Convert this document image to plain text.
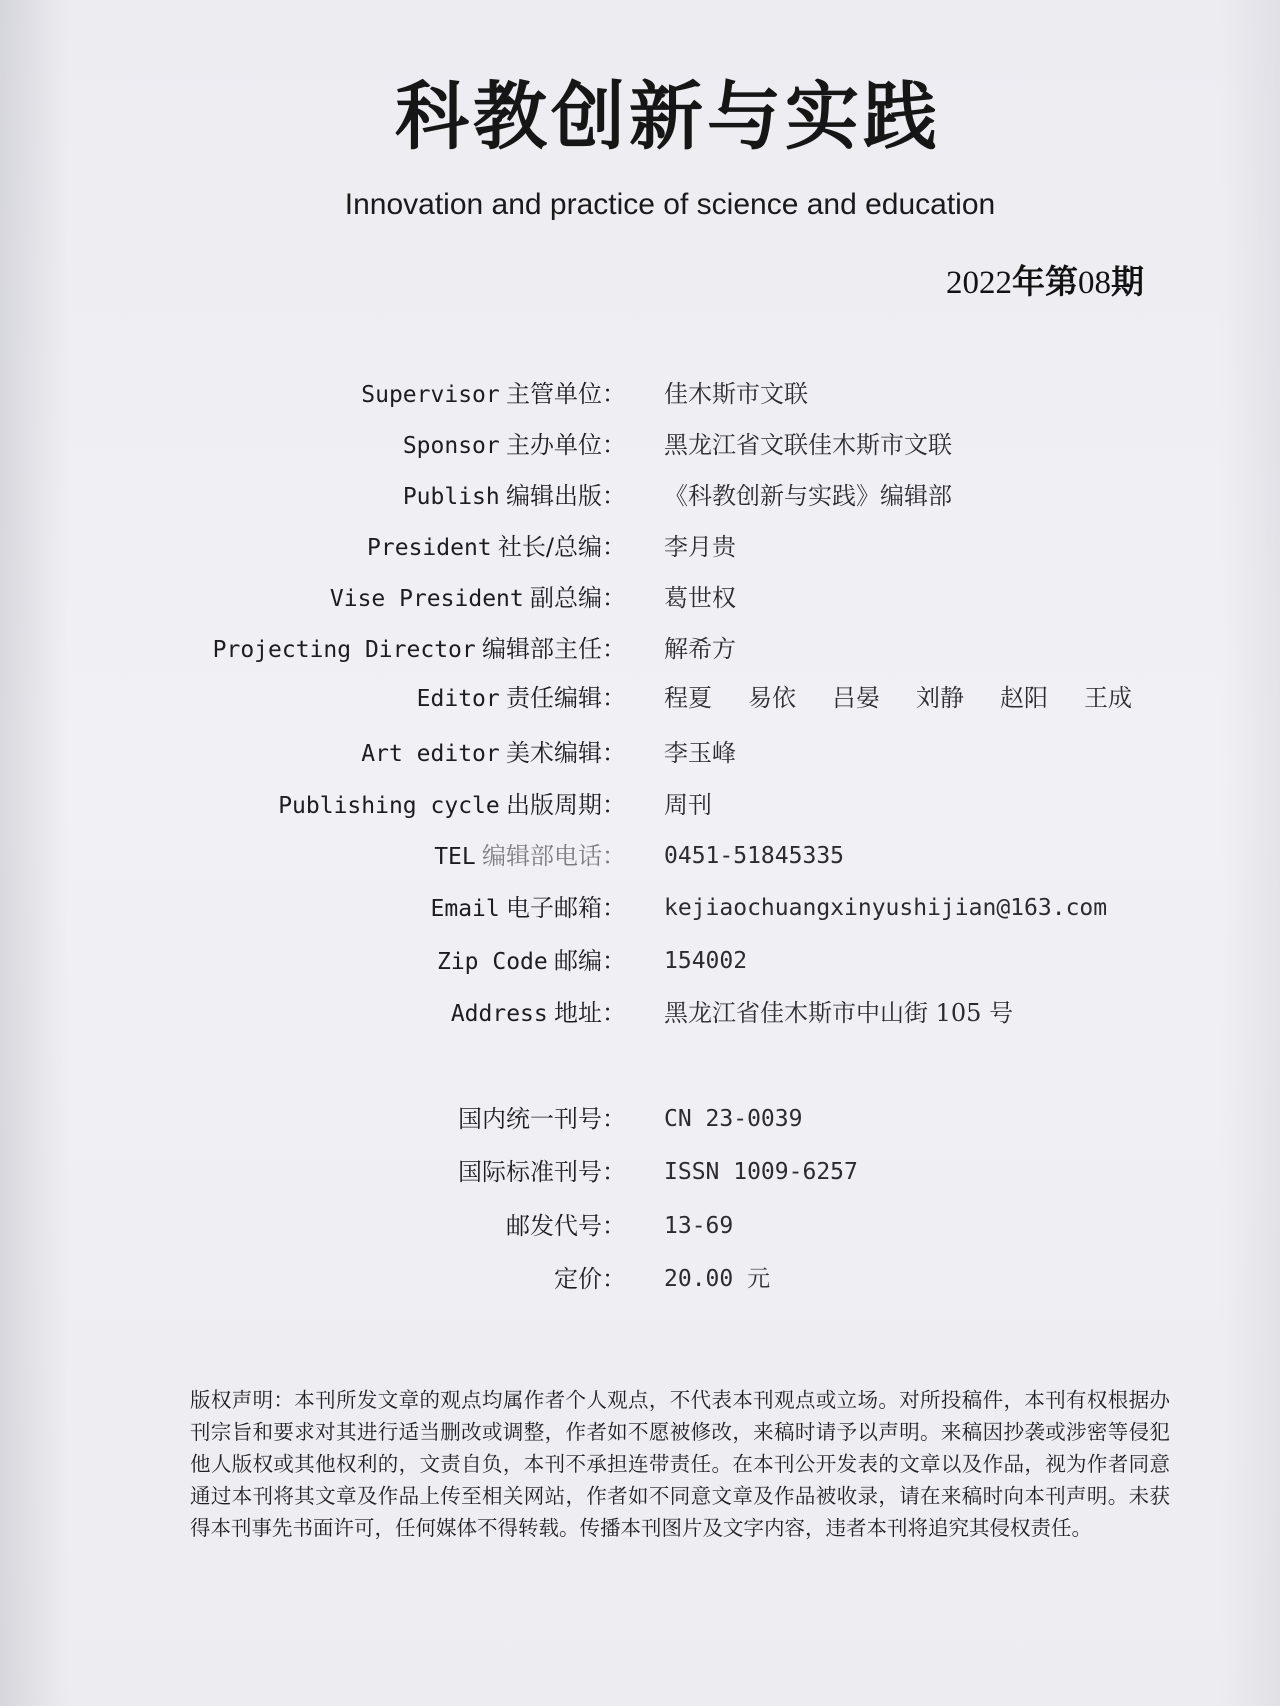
科教创新与实践
Innovation and practice of science and education
2022年第08期
Supervisor 主管单位： 佳木斯市文联
Sponsor 主办单位： 黑龙江省文联佳木斯市文联
Publish 编辑出版： 《科教创新与实践》编辑部
President 社长/总编： 李月贵
Vise President 副总编： 葛世权
Projecting Director 编辑部主任： 解希方
Editor 责任编辑： 程夏 易依 吕晏 刘静 赵阳 王成
Art editor 美术编辑： 李玉峰
Publishing cycle 出版周期： 周刊
TEL 编辑部电话： 0451-51845335
Email 电子邮箱： kejiaochuangxinyushijian@163.com
Zip Code 邮编： 154002
Address 地址： 黑龙江省佳木斯市中山街 105 号
国内统一刊号： CN 23-0039
国际标准刊号： ISSN 1009-6257
邮发代号： 13-69
定价： 20.00 元
版权声明：本刊所发文章的观点均属作者个人观点，不代表本刊观点或立场。对所投稿件，本刊有权根据办刊宗旨和要求对其进行适当删改或调整，作者如不愿被修改，来稿时请予以声明。来稿因抄袭或涉密等侵犯他人版权或其他权利的，文责自负，本刊不承担连带责任。在本刊公开发表的文章以及作品，视为作者同意通过本刊将其文章及作品上传至相关网站，作者如不同意文章及作品被收录，请在来稿时向本刊声明。未获得本刊事先书面许可，任何媒体不得转载。传播本刊图片及文字内容，违者本刊将追究其侵权责任。
